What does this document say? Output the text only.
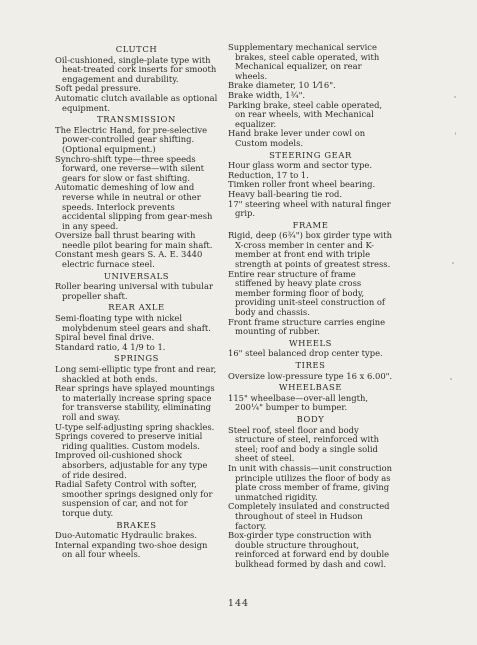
CLUTCH
Oil-cushioned, single-plate type with heat-treated cork inserts for smooth engagement and durability.
Soft pedal pressure.
Automatic clutch available as optional equipment.
TRANSMISSION
The Electric Hand, for pre-selective power-controlled gear shifting. (Optional equipment.)
Synchro-shift type—three speeds forward, one reverse—with silent gears for slow or fast shifting.
Automatic demeshing of low and reverse while in neutral or other speeds. Interlock prevents accidental slipping from gear-mesh in any speed.
Oversize ball thrust bearing with needle pilot bearing for main shaft.
Constant mesh gears S. A. E. 3440 electric furnace steel.
UNIVERSALS
Roller bearing universal with tubular propeller shaft.
REAR AXLE
Semi-floating type with nickel molybdenum steel gears and shaft.
Spiral bevel final drive.
Standard ratio, 4 1/9 to 1.
SPRINGS
Long semi-elliptic type front and rear, shackled at both ends.
Rear springs have splayed mountings to materially increase spring space for transverse stability, eliminating roll and sway.
U-type self-adjusting spring shackles.
Springs covered to preserve initial riding qualities. Custom models.
Improved oil-cushioned shock absorbers, adjustable for any type of ride desired.
Radial Safety Control with softer, smoother springs designed only for suspension of car, and not for torque duty.
BRAKES
Duo-Automatic Hydraulic brakes.
Internal expanding two-shoe design on all four wheels.
Supplementary mechanical service brakes, steel cable operated, with Mechanical equalizer, on rear wheels.
Brake diameter, 10 1⁄16".
Brake width, 1¾".
Parking brake, steel cable operated, on rear wheels, with Mechanical equalizer.
Hand brake lever under cowl on Custom models.
STEERING GEAR
Hour glass worm and sector type.
Reduction, 17 to 1.
Timken roller front wheel bearing.
Heavy ball-bearing tie rod.
17" steering wheel with natural finger grip.
FRAME
Rigid, deep (6¾") box girder type with X-cross member in center and K-member at front end with triple strength at points of greatest stress.
Entire rear structure of frame stiffened by heavy plate cross member forming floor of body, providing unit-steel construction of body and chassis.
Front frame structure carries engine mounting of rubber.
WHEELS
16" steel balanced drop center type.
TIRES
Oversize low-pressure type 16 x 6.00".
WHEELBASE
115" wheelbase—over-all length, 200¼" bumper to bumper.
BODY
Steel roof, steel floor and body structure of steel, reinforced with steel; roof and body a single solid sheet of steel.
In unit with chassis—unit construction principle utilizes the floor of body as plate cross member of frame, giving unmatched rigidity.
Completely insulated and constructed throughout of steel in Hudson factory.
Box-girder type construction with double structure throughout, reinforced at forward end by double bulkhead formed by dash and cowl.
144
